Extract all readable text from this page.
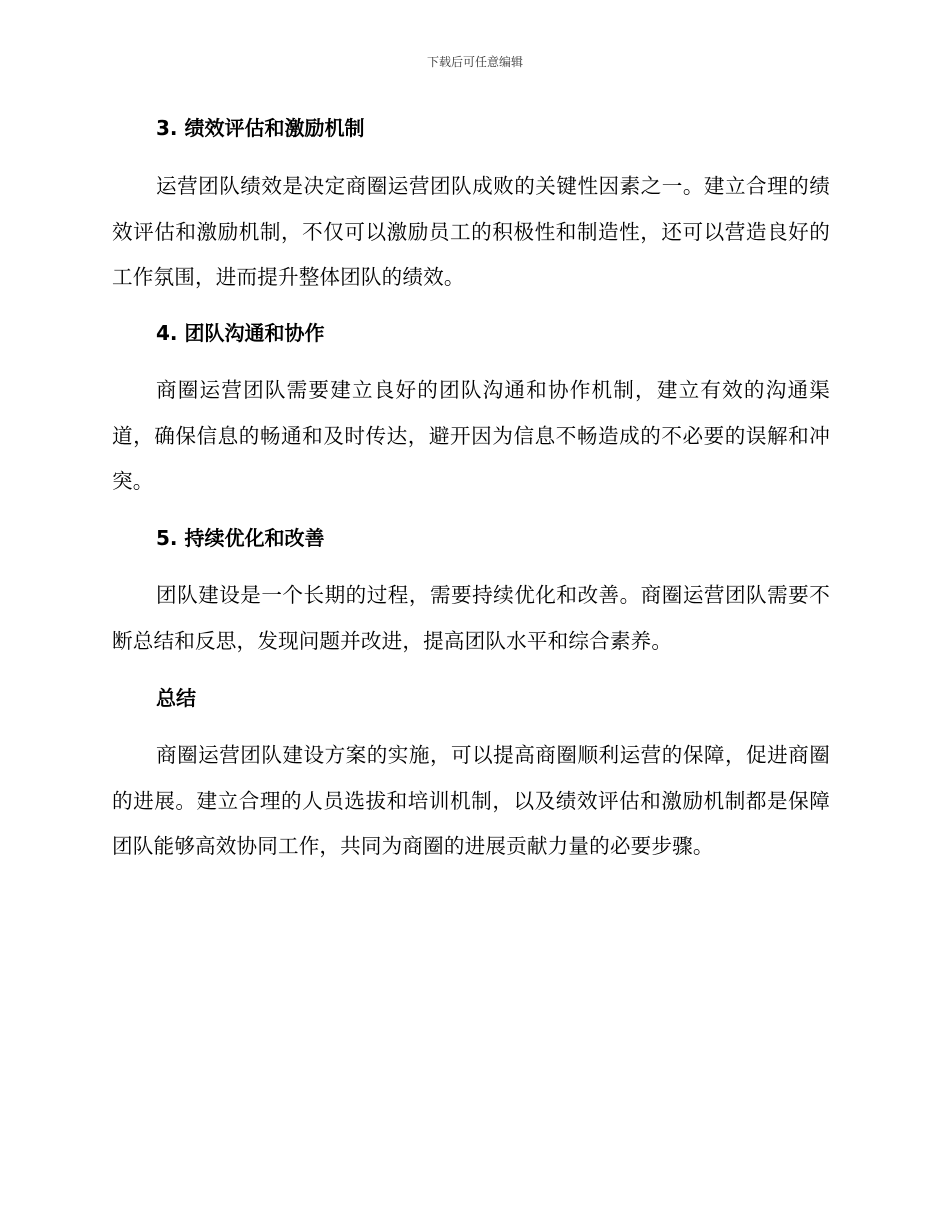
下载后可任意编辑
3. 绩效评估和激励机制
运营团队绩效是决定商圈运营团队成败的关键性因素之一。建立合理的绩效评估和激励机制，不仅可以激励员工的积极性和制造性，还可以营造良好的工作氛围，进而提升整体团队的绩效。
4. 团队沟通和协作
商圈运营团队需要建立良好的团队沟通和协作机制，建立有效的沟通渠道，确保信息的畅通和及时传达，避开因为信息不畅造成的不必要的误解和冲突。
5. 持续优化和改善
团队建设是一个长期的过程，需要持续优化和改善。商圈运营团队需要不断总结和反思，发现问题并改进，提高团队水平和综合素养。
总结
商圈运营团队建设方案的实施，可以提高商圈顺利运营的保障，促进商圈的进展。建立合理的人员选拔和培训机制，以及绩效评估和激励机制都是保障团队能够高效协同工作，共同为商圈的进展贡献力量的必要步骤。
